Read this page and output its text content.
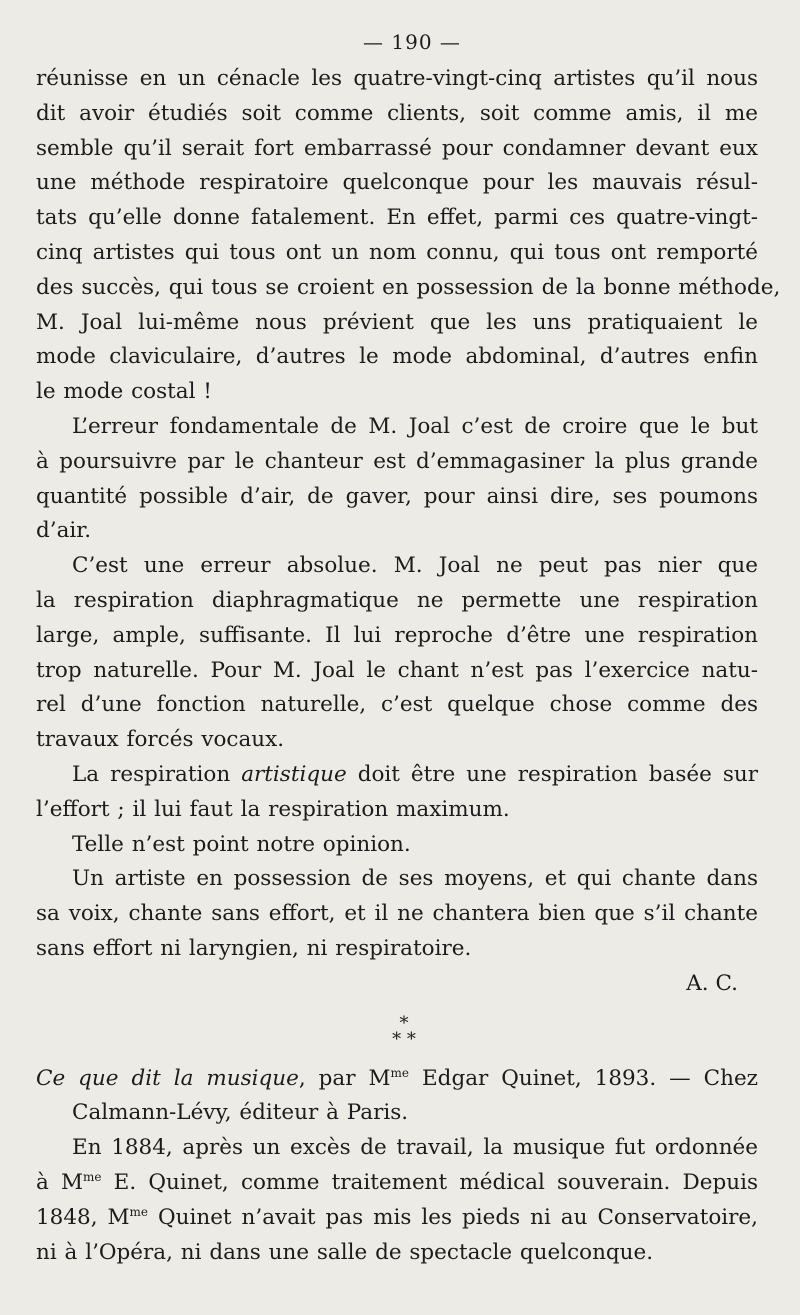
— 190 —
réunisse en un cénacle les quatre-vingt-cinq artistes qu’il nous
dit avoir étudiés soit comme clients, soit comme amis, il me
semble qu’il serait fort embarrassé pour condamner devant eux
une méthode respiratoire quelconque pour les mauvais résul-
tats qu’elle donne fatalement. En effet, parmi ces quatre-vingt-
cinq artistes qui tous ont un nom connu, qui tous ont remporté
des succès, qui tous se croient en possession de la bonne méthode,
M. Joal lui-même nous prévient que les uns pratiquaient le
mode claviculaire, d’autres le mode abdominal, d’autres enfin
le mode costal !
L’erreur fondamentale de M. Joal c’est de croire que le but
à poursuivre par le chanteur est d’emmagasiner la plus grande
quantité possible d’air, de gaver, pour ainsi dire, ses poumons
d’air.
C’est une erreur absolue. M. Joal ne peut pas nier que
la respiration diaphragmatique ne permette une respiration
large, ample, suffisante. Il lui reproche d’être une respiration
trop naturelle. Pour M. Joal le chant n’est pas l’exercice natu-
rel d’une fonction naturelle, c’est quelque chose comme des
travaux forcés vocaux.
La respiration artistique doit être une respiration basée sur
l’effort ; il lui faut la respiration maximum.
Telle n’est point notre opinion.
Un artiste en possession de ses moyens, et qui chante dans
sa voix, chante sans effort, et il ne chantera bien que s’il chante
sans effort ni laryngien, ni respiratoire.
A. C.
*
* *
Ce que dit la musique, par $M^{me}$ Edgar Quinet, 1893. — Chez
Calmann-Lévy, éditeur à Paris.
En 1884, après un excès de travail, la musique fut ordonnée
à $M^{me}$ E. Quinet, comme traitement médical souverain. Depuis
1848, $M^{me}$ Quinet n’avait pas mis les pieds ni au Conservatoire,
ni à l’Opéra, ni dans une salle de spectacle quelconque.
